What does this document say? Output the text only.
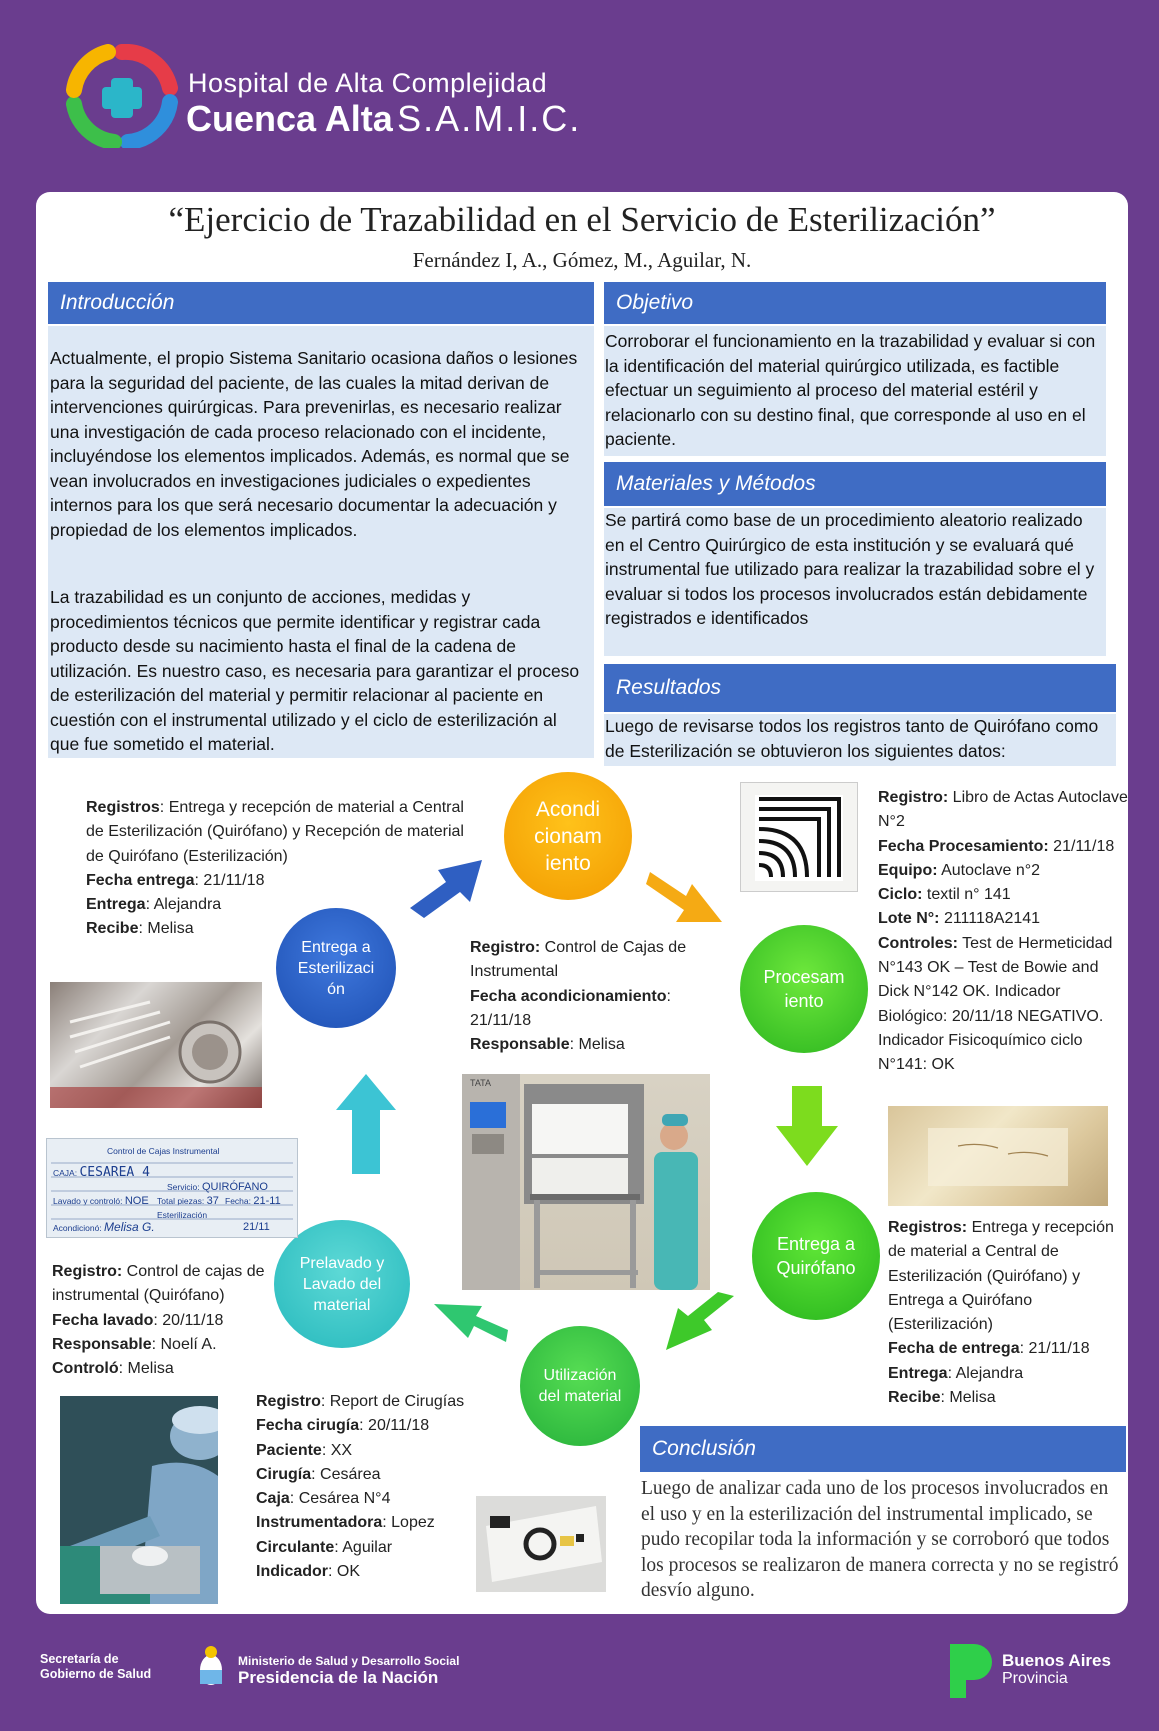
Hospital de Alta Complejidad
Cuenca Alta S.A.M.I.C.
“Ejercicio de Trazabilidad en el Servicio de Esterilización”
Fernández I, A., Gómez, M., Aguilar, N.
Introducción

Actualmente, el propio Sistema Sanitario ocasiona daños o lesiones para la seguridad del paciente, de las cuales la mitad derivan de intervenciones quirúrgicas. Para prevenirlas, es necesario realizar una investigación de cada proceso relacionado con el incidente, incluyéndose los elementos implicados. Además, es normal que se vean involucrados en investigaciones judiciales o expedientes internos para los que será necesario documentar la adecuación y propiedad de los elementos implicados.

La trazabilidad es un conjunto de acciones, medidas y procedimientos técnicos que permite identificar y registrar cada producto desde su nacimiento hasta el final de la cadena de utilización. Es nuestro caso, es necesaria para garantizar el proceso de esterilización del material y permitir relacionar al paciente en cuestión con el instrumental utilizado y el ciclo de esterilización al que fue sometido el material.

Objetivo

Corroborar el funcionamiento en la trazabilidad y evaluar si con la identificación del material quirúrgico utilizada, es factible efectuar un seguimiento al proceso del material estéril y relacionarlo con su destino final, que corresponde al uso en el paciente.

Materiales y Métodos

Se partirá como base de un procedimiento aleatorio realizado en el Centro Quirúrgico de esta institución y se evaluará qué instrumental fue utilizado para realizar la trazabilidad sobre el y evaluar si todos los procesos involucrados están debidamente registrados e identificados

Resultados

Luego de revisarse todos los registros tanto de Quirófano como de Esterilización se obtuvieron los siguientes datos:

Acondicionamiento
Procesamiento
Entrega a Quirófano
Utilización del material
Prelavado y Lavado del material
Entrega a Esterilización
Registros: Entrega y recepción de material a Central de Esterilización (Quirófano) y Recepción de material de Quirófano (Esterilización)
Fecha entrega: 21/11/18
Entrega: Alejandra
Recibe: Melisa
Registro: Control de Cajas de Instrumental
Fecha acondicionamiento: 21/11/18
Responsable: Melisa
Registro: Libro de Actas Autoclave N°2
Fecha Procesamiento: 21/11/18
Equipo: Autoclave n°2
Ciclo: textil n° 141
Lote N°: 211118A2141
Controles: Test de Hermeticidad N°143 OK – Test de Bowie and Dick N°142 OK. Indicador Biológico: 20/11/18 NEGATIVO. Indicador Fisicoquímico ciclo N°141: OK
Registros: Entrega y recepción de material a Central de Esterilización (Quirófano) y Entrega a Quirófano (Esterilización)
Fecha de entrega: 21/11/18
Entrega: Alejandra
Recibe: Melisa
Registro: Control de cajas de instrumental (Quirófano)
Fecha lavado: 20/11/18
Responsable: Noelí A.
Controló: Melisa
Registro: Report de Cirugías
Fecha cirugía: 20/11/18
Paciente: XX
Cirugía: Cesárea
Caja: Cesárea N°4
Instrumentadora: Lopez
Circulante: Aguilar
Indicador: OK
Control de Cajas Instrumental
CAJA: CESAREA 4
Servicio: QUIRÓFANO
Lavado y controló: NOE Total piezas: 37 Fecha: 21-11
Esterilización
Acondicionó: Melisa G.	21/11
TATA
Conclusión
Luego de analizar cada uno de los procesos involucrados en el uso y en la esterilización del instrumental implicado, se pudo recopilar toda la información y se corroboró que todos los procesos se realizaron de manera correcta y no se registró desvío alguno.
Secretaría de
Gobierno de Salud
Ministerio de Salud y Desarrollo Social
Presidencia de la Nación
Buenos Aires
Provincia
